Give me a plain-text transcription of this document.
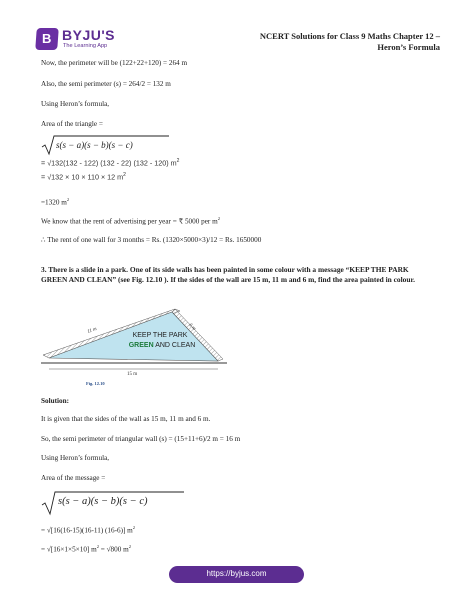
B BYJU'S
The Learning App
NCERT Solutions for Class 9 Maths Chapter 12 –
Heron’s Formula
Now, the perimeter will be (122+22+120) = 264 m
Also, the semi perimeter (s) = 264/2 = 132 m
Using Heron’s formula,
Area of the triangle =
s(s − a)(s − b)(s − c)
= √132(132 - 122) (132 - 22) (132 - 120) $m^2$
= √132 × 10 × 110 × 12 $m^2$
=1320 $m^2$
We know that the rent of advertising per year = ₹ 5000 per $m^2$
∴ The rent of one wall for 3 months = Rs. (1320×5000×3)/12 = Rs. 1650000
3. There is a slide in a park. One of its side walls has been painted in some colour with a message “KEEP THE PARK GREEN AND CLEAN” (see Fig. 12.10 ). If the sides of the wall are 15 m, 11 m and 6 m, find the area painted in colour.
11 m	6 m
15 m
KEEP THE PARK
GREEN AND CLEAN
Fig. 12.10
Solution:
It is given that the sides of the wall as 15 m, 11 m and 6 m.
So, the semi perimeter of triangular wall (s) = (15+11+6)/2 m = 16 m
Using Heron’s formula,
Area of the message =
s(s − a)(s − b)(s − c)
= √[16(16-15)(16-11) (16-6)] $m^2$
= √[16×1×5×10] $m^2 = √800$ $m^2$
https://byjus.com
